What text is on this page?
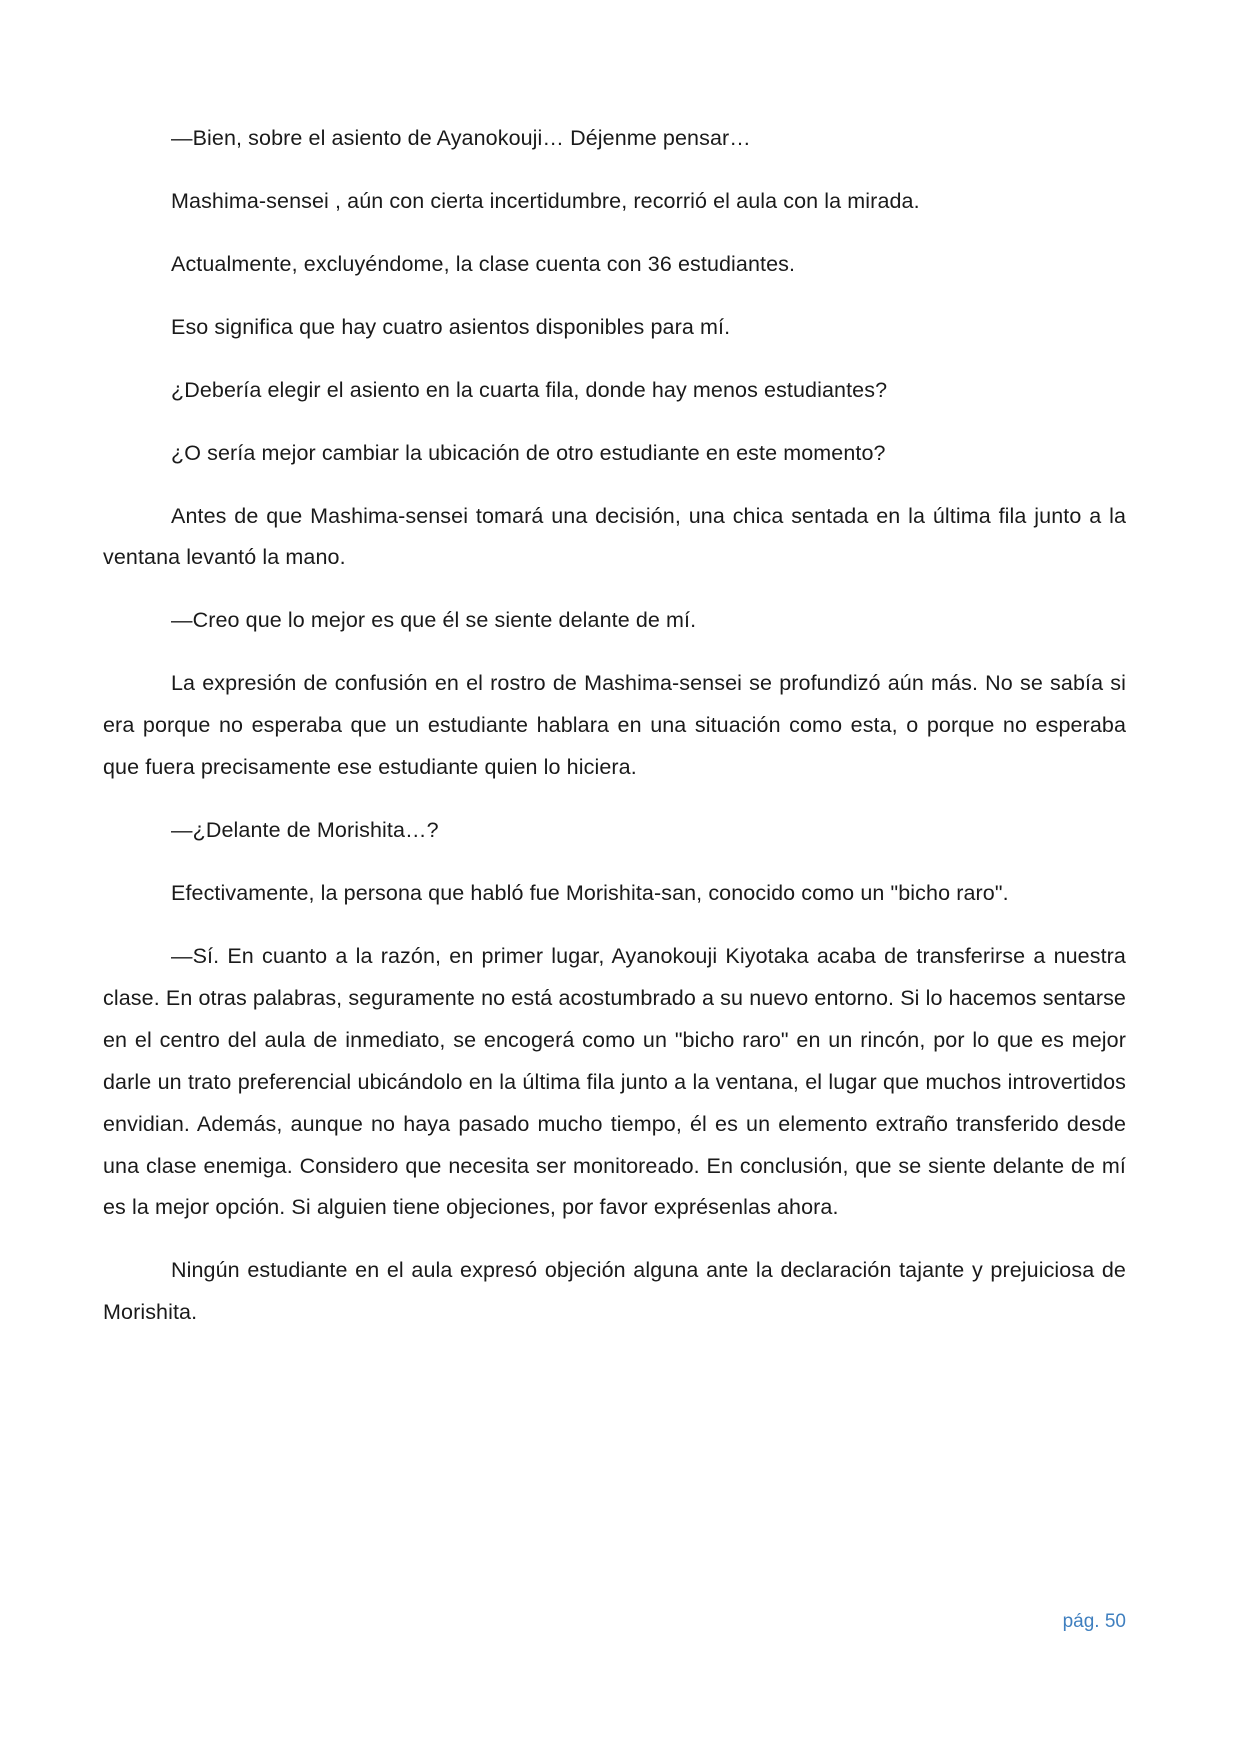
—Bien, sobre el asiento de Ayanokouji… Déjenme pensar…

Mashima-sensei , aún con cierta incertidumbre, recorrió el aula con la mirada.

Actualmente, excluyéndome, la clase cuenta con 36 estudiantes.

Eso significa que hay cuatro asientos disponibles para mí.

¿Debería elegir el asiento en la cuarta fila, donde hay menos estudiantes?

¿O sería mejor cambiar la ubicación de otro estudiante en este momento?

Antes de que Mashima-sensei tomará una decisión, una chica sentada en la última fila junto a la ventana levantó la mano.

—Creo que lo mejor es que él se siente delante de mí.

La expresión de confusión en el rostro de Mashima-sensei se profundizó aún más. No se sabía si era porque no esperaba que un estudiante hablara en una situación como esta, o porque no esperaba que fuera precisamente ese estudiante quien lo hiciera.

—¿Delante de Morishita…?

Efectivamente, la persona que habló fue Morishita-san, conocido como un "bicho raro".

—Sí. En cuanto a la razón, en primer lugar, Ayanokouji Kiyotaka acaba de transferirse a nuestra clase. En otras palabras, seguramente no está acostumbrado a su nuevo entorno. Si lo hacemos sentarse en el centro del aula de inmediato, se encogerá como un "bicho raro" en un rincón, por lo que es mejor darle un trato preferencial ubicándolo en la última fila junto a la ventana, el lugar que muchos introvertidos envidian. Además, aunque no haya pasado mucho tiempo, él es un elemento extraño transferido desde una clase enemiga. Considero que necesita ser monitoreado. En conclusión, que se siente delante de mí es la mejor opción. Si alguien tiene objeciones, por favor exprésenlas ahora.

Ningún estudiante en el aula expresó objeción alguna ante la declaración tajante y prejuiciosa de Morishita.

pág. 50
